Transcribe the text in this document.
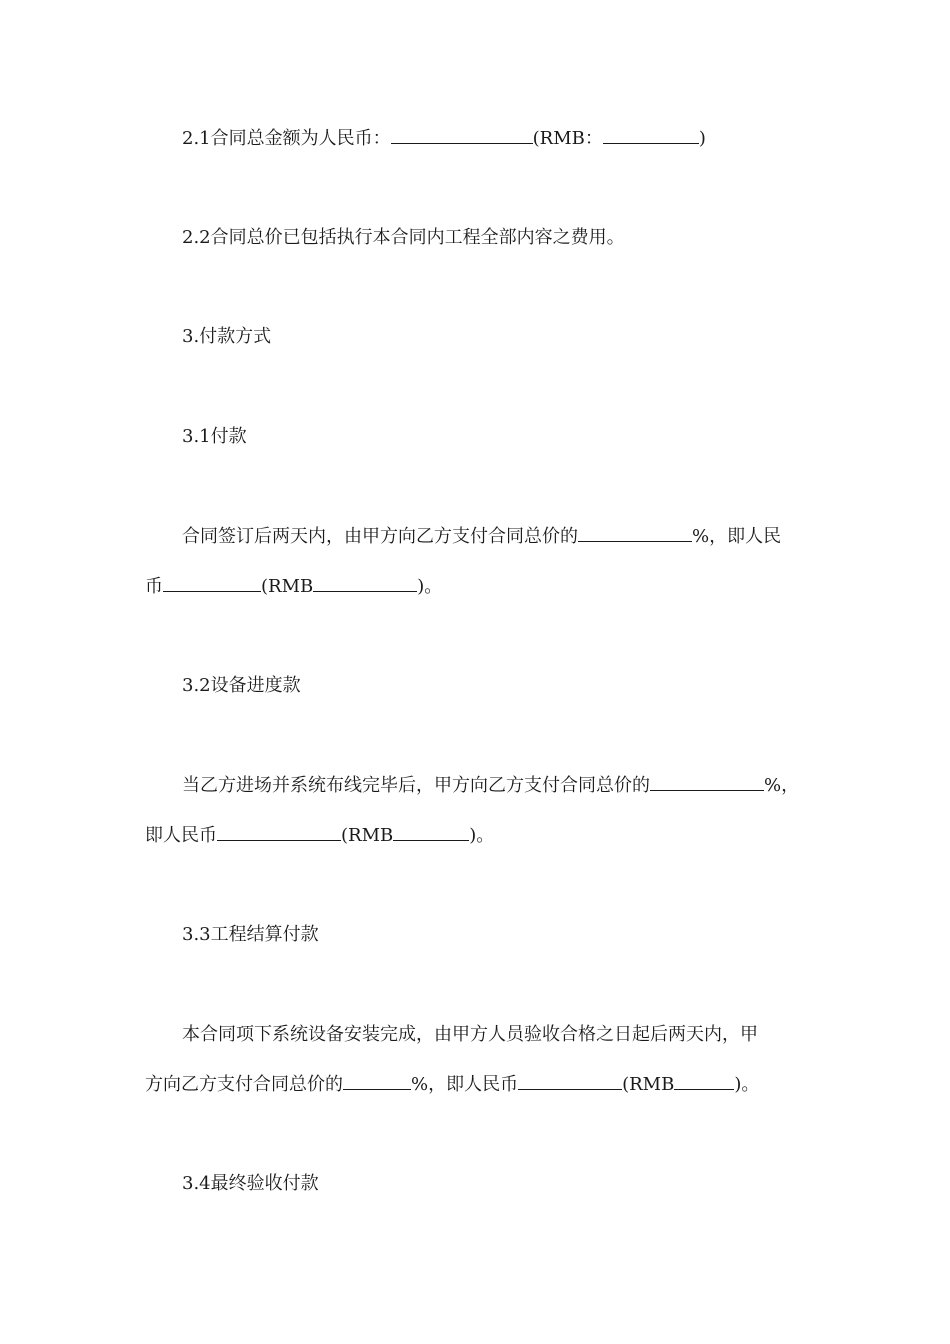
2.1合同总金额为人民币：	(RMB：	)
2.2合同总价已包括执行本合同内工程全部内容之费用。
3.付款方式
3.1付款
合同签订后两天内，由甲方向乙方支付合同总价的	%，即人民
币	(RMB	)。
3.2设备进度款
当乙方进场并系统布线完毕后，甲方向乙方支付合同总价的	%，
即人民币	(RMB	)。
3.3工程结算付款
本合同项下系统设备安装完成，由甲方人员验收合格之日起后两天内，甲
方向乙方支付合同总价的	%，即人民币	(RMB	)。
3.4最终验收付款
